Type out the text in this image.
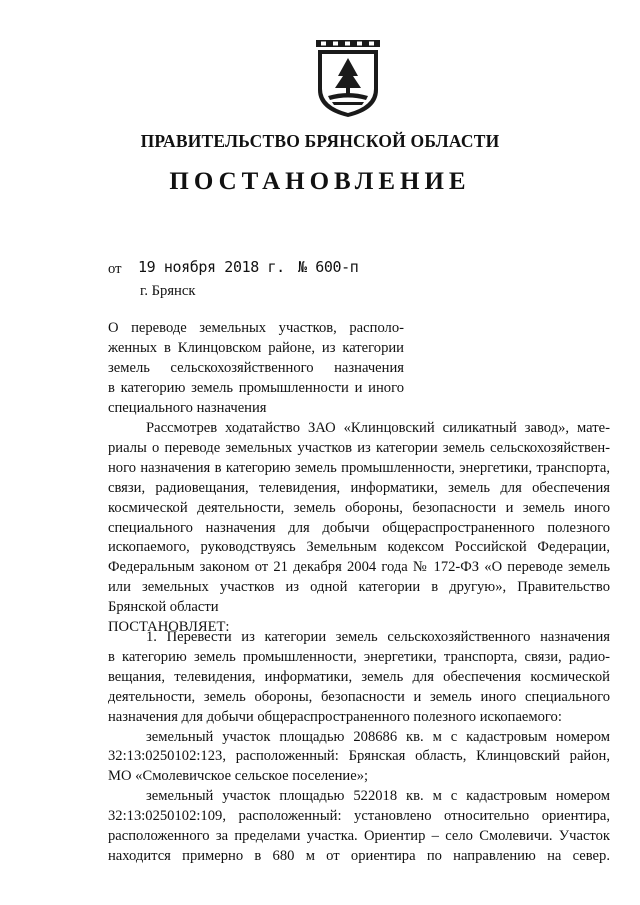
ПРАВИТЕЛЬСТВО БРЯНСКОЙ ОБЛАСТИ
ПОСТАНОВЛЕНИЕ
от 19 ноября 2018 г. № 600-п
г. Брянск
О переводе земельных участков, располо-
женных в Клинцовском районе, из категории
земель сельскохозяйственного назначения
в категорию земель промышленности и иного
специального назначения
Рассмотрев ходатайство ЗАО «Клинцовский силикатный завод», мате-
риалы о переводе земельных участков из категории земель сельскохозяйствен-
ного назначения в категорию земель промышленности, энергетики, транспорта,
связи, радиовещания, телевидения, информатики, земель для обеспечения
космической деятельности, земель обороны, безопасности и земель иного
специального назначения для добычи общераспространенного полезного
ископаемого, руководствуясь Земельным кодексом Российской Федерации,
Федеральным законом от 21 декабря 2004 года № 172-ФЗ «О переводе земель
или земельных участков из одной категории в другую», Правительство
Брянской области
ПОСТАНОВЛЯЕТ:
1. Перевести из категории земель сельскохозяйственного назначения
в категорию земель промышленности, энергетики, транспорта, связи, радио-
вещания, телевидения, информатики, земель для обеспечения космической
деятельности, земель обороны, безопасности и земель иного специального
назначения для добычи общераспространенного полезного ископаемого:
земельный участок площадью 208686 кв. м с кадастровым номером
32:13:0250102:123, расположенный: Брянская область, Клинцовский район,
МО «Смолевичское сельское поселение»;
земельный участок площадью 522018 кв. м с кадастровым номером
32:13:0250102:109, расположенный: установлено относительно ориентира,
расположенного за пределами участка. Ориентир – село Смолевичи. Участок
находится примерно в 680 м от ориентира по направлению на север.
